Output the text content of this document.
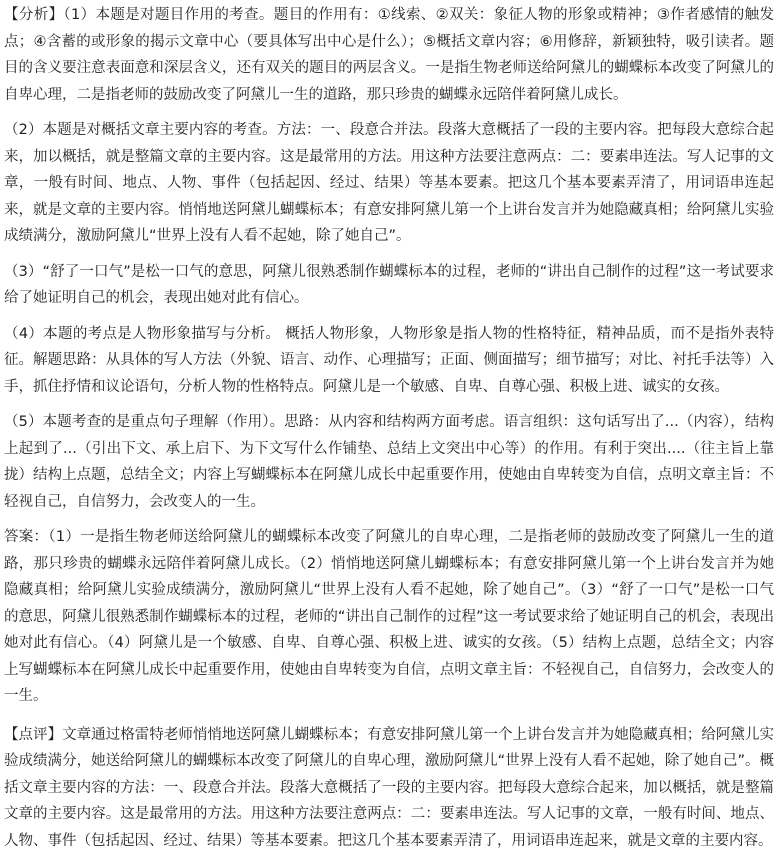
【分析】（1）本题是对题目作用的考查。题目的作用有：①线索、②双关：象征人物的形象或精神；③作者感情的触发点；④含蓄的或形象的揭示文章中心（要具体写出中心是什么）；⑤概括文章内容；⑥用修辞，新颖独特，吸引读者。题目的含义要注意表面意和深层含义，还有双关的题目的两层含义。一是指生物老师送给阿黛儿的蝴蝶标本改变了阿黛儿的自卑心理，二是指老师的鼓励改变了阿黛儿一生的道路，那只珍贵的蝴蝶永远陪伴着阿黛儿成长。

（2）本题是对概括文章主要内容的考查。方法：一、段意合并法。段落大意概括了一段的主要内容。把每段大意综合起来，加以概括，就是整篇文章的主要内容。这是最常用的方法。用这种方法要注意两点：二：要素串连法。写人记事的文章，一般有时间、地点、人物、事件（包括起因、经过、结果）等基本要素。把这几个基本要素弄清了，用词语串连起来，就是文章的主要内容。悄悄地送阿黛儿蝴蝶标本；有意安排阿黛儿第一个上讲台发言并为她隐藏真相；给阿黛儿实验成绩满分，激励阿黛儿“世界上没有人看不起她，除了她自己”。

（3）“舒了一口气”是松一口气的意思，阿黛儿很熟悉制作蝴蝶标本的过程，老师的“讲出自己制作的过程”这一考试要求给了她证明自己的机会，表现出她对此有信心。

（4）本题的考点是人物形象描写与分析。 概括人物形象，人物形象是指人物的性格特征，精神品质，而不是指外表特征。解题思路：从具体的写人方法（外貌、语言、动作、心理描写；正面、侧面描写；细节描写；对比、衬托手法等）入手，抓住抒情和议论语句，分析人物的性格特点。阿黛儿是一个敏感、自卑、自尊心强、积极上进、诚实的女孩。

（5）本题考查的是重点句子理解（作用）。思路：从内容和结构两方面考虑。语言组织：这句话写出了...（内容），结构上起到了...（引出下文、承上启下、为下文写什么作铺垫、总结上文突出中心等）的作用。有利于突出....（往主旨上靠拢）结构上点题，总结全文；内容上写蝴蝶标本在阿黛儿成长中起重要作用，使她由自卑转变为自信，点明文章主旨：不轻视自己，自信努力，会改变人的一生。

答案：（1）一是指生物老师送给阿黛儿的蝴蝶标本改变了阿黛儿的自卑心理，二是指老师的鼓励改变了阿黛儿一生的道路，那只珍贵的蝴蝶永远陪伴着阿黛儿成长。（2）悄悄地送阿黛儿蝴蝶标本；有意安排阿黛儿第一个上讲台发言并为她隐藏真相；给阿黛儿实验成绩满分，激励阿黛儿“世界上没有人看不起她，除了她自己”。（3）“舒了一口气”是松一口气的意思，阿黛儿很熟悉制作蝴蝶标本的过程，老师的“讲出自己制作的过程”这一考试要求给了她证明自己的机会，表现出她对此有信心。（4）阿黛儿是一个敏感、自卑、自尊心强、积极上进、诚实的女孩。（5）结构上点题，总结全文；内容上写蝴蝶标本在阿黛儿成长中起重要作用，使她由自卑转变为自信，点明文章主旨：不轻视自己，自信努力，会改变人的一生。

【点评】文章通过格雷特老师悄悄地送阿黛儿蝴蝶标本；有意安排阿黛儿第一个上讲台发言并为她隐藏真相；给阿黛儿实验成绩满分，她送给阿黛儿的蝴蝶标本改变了阿黛儿的自卑心理，激励阿黛儿“世界上没有人看不起她，除了她自己”。概括文章主要内容的方法：一、段意合并法。段落大意概括了一段的主要内容。把每段大意综合起来，加以概括，就是整篇文章的主要内容。这是最常用的方法。用这种方法要注意两点：二：要素串连法。写人记事的文章，一般有时间、地点、人物、事件（包括起因、经过、结果）等基本要素。把这几个基本要素弄清了，用词语串连起来，就是文章的主要内容。
